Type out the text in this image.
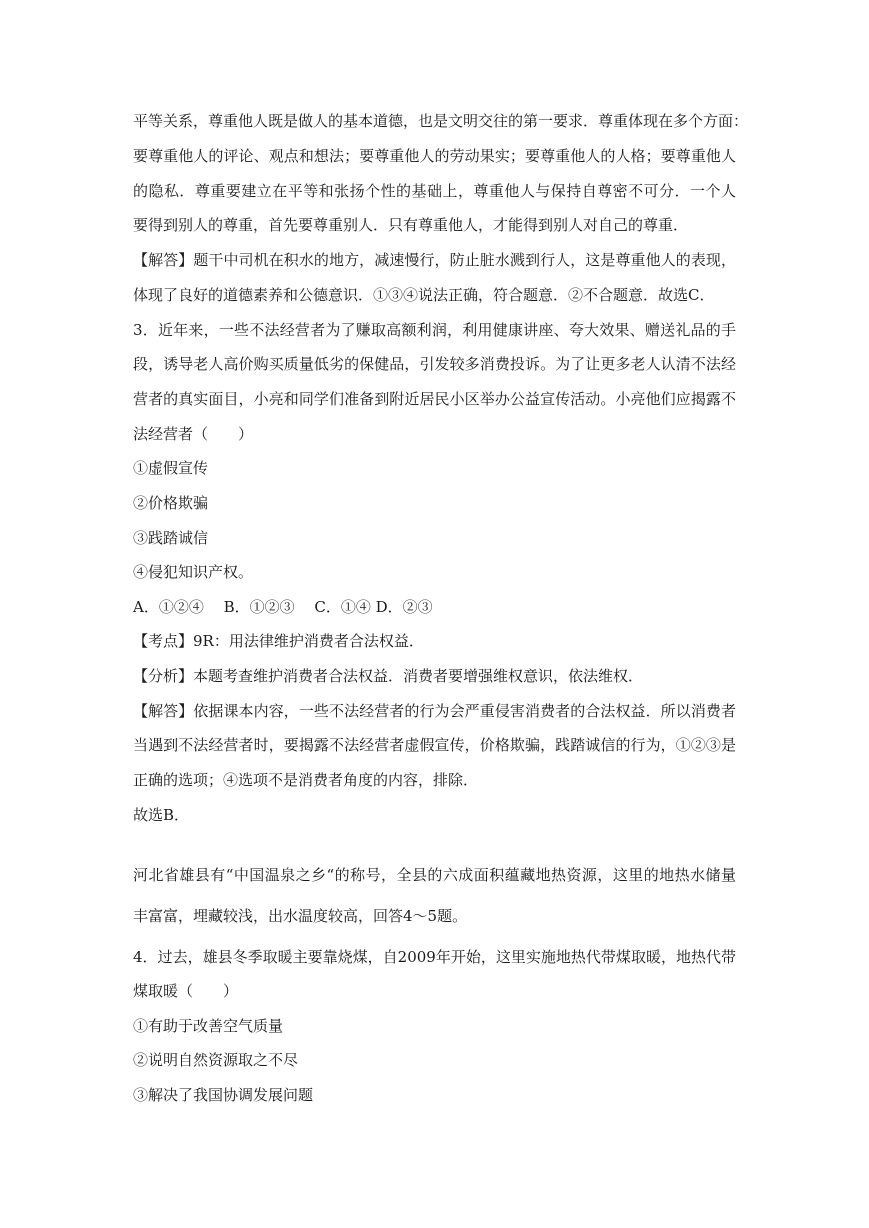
平等关系，尊重他人既是做人的基本道德，也是文明交往的第一要求．尊重体现在多个方面：
要尊重他人的评论、观点和想法；要尊重他人的劳动果实；要尊重他人的人格；要尊重他人
的隐私．尊重要建立在平等和张扬个性的基础上，尊重他人与保持自尊密不可分．一个人
要得到别人的尊重，首先要尊重别人．只有尊重他人，才能得到别人对自己的尊重．
【解答】题干中司机在积水的地方，减速慢行，防止脏水溅到行人，这是尊重他人的表现，
体现了良好的道德素养和公德意识．①③④说法正确，符合题意．②不合题意．故选C．
3．近年来，一些不法经营者为了赚取高额利润，利用健康讲座、夸大效果、赠送礼品的手
段，诱导老人高价购买质量低劣的保健品，引发较多消费投诉。为了让更多老人认清不法经
营者的真实面目，小亮和同学们准备到附近居民小区举办公益宣传活动。小亮他们应揭露不
法经营者（　　）
①虚假宣传
②价格欺骗
③践踏诚信
④侵犯知识产权。
A．①②④　 B．①②③　 C．①④ D．②③
【考点】9R：用法律维护消费者合法权益．
【分析】本题考查维护消费者合法权益．消费者要增强维权意识，依法维权．
【解答】依据课本内容，一些不法经营者的行为会严重侵害消费者的合法权益．所以消费者
当遇到不法经营者时，要揭露不法经营者虚假宣传，价格欺骗，践踏诚信的行为，①②③是
正确的选项；④选项不是消费者角度的内容，排除．
故选B．
河北省雄县有“中国温泉之乡“的称号，全县的六成面积蕴藏地热资源，这里的地热水储量
丰富富，埋藏较浅，出水温度较高，回答4～5题。
4．过去，雄县冬季取暖主要靠烧煤，自2009年开始，这里实施地热代带煤取暖，地热代带
煤取暖（　　）
①有助于改善空气质量
②说明自然资源取之不尽
③解决了我国协调发展问题
